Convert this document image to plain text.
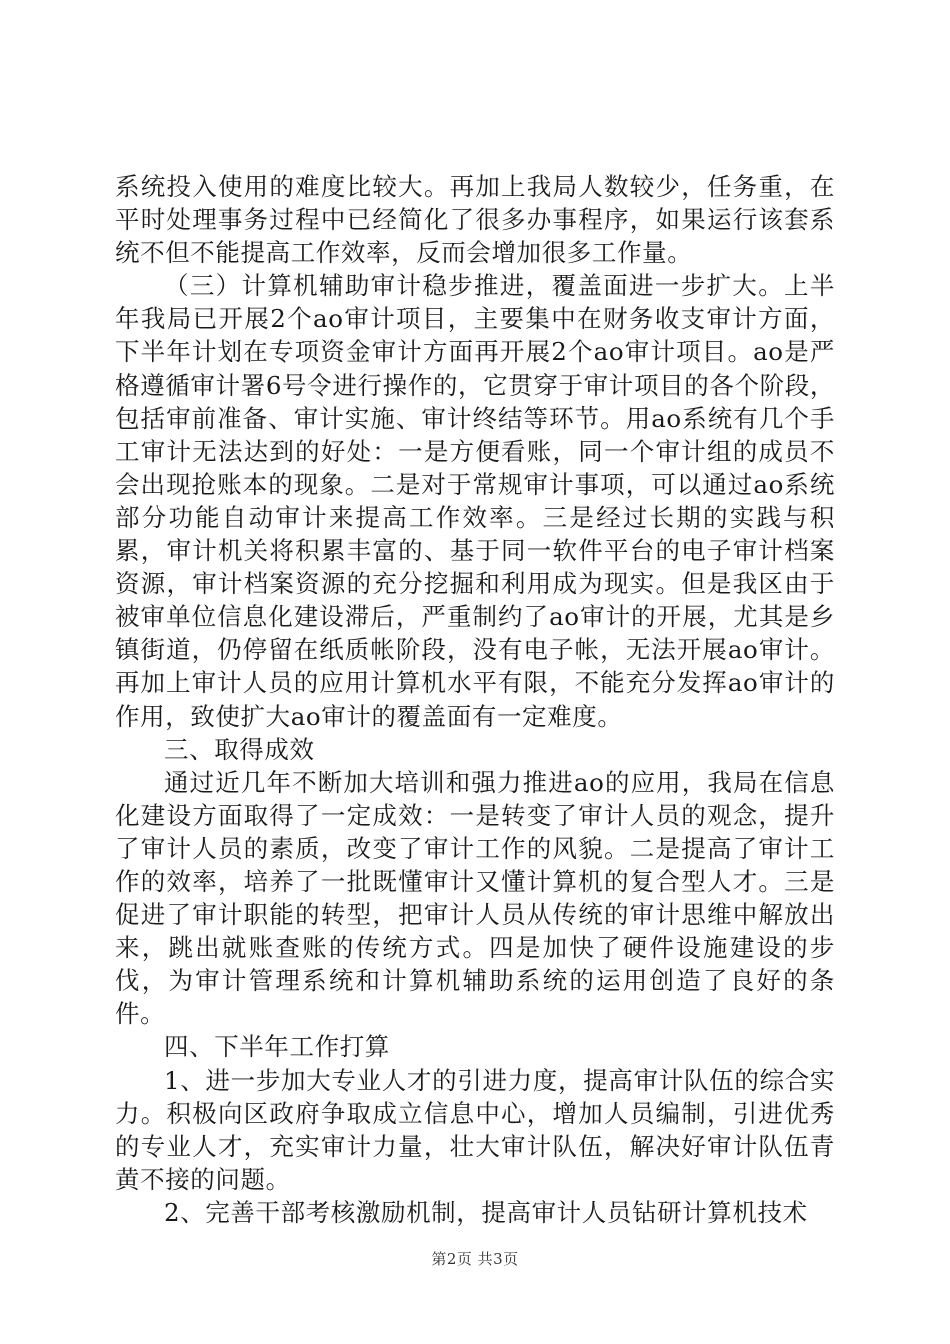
系统投入使用的难度比较大。再加上我局人数较少，任务重，在平时处理事务过程中已经简化了很多办事程序，如果运行该套系统不但不能提高工作效率，反而会增加很多工作量。

（三）计算机辅助审计稳步推进，覆盖面进一步扩大。上半年我局已开展2个ao审计项目，主要集中在财务收支审计方面，下半年计划在专项资金审计方面再开展2个ao审计项目。ao是严格遵循审计署6号令进行操作的，它贯穿于审计项目的各个阶段，包括审前准备、审计实施、审计终结等环节。用ao系统有几个手工审计无法达到的好处：一是方便看账，同一个审计组的成员不会出现抢账本的现象。二是对于常规审计事项，可以通过ao系统部分功能自动审计来提高工作效率。三是经过长期的实践与积累，审计机关将积累丰富的、基于同一软件平台的电子审计档案资源，审计档案资源的充分挖掘和利用成为现实。但是我区由于被审单位信息化建设滞后，严重制约了ao审计的开展，尤其是乡镇街道，仍停留在纸质帐阶段，没有电子帐，无法开展ao审计。再加上审计人员的应用计算机水平有限，不能充分发挥ao审计的作用，致使扩大ao审计的覆盖面有一定难度。

三、取得成效

通过近几年不断加大培训和强力推进ao的应用，我局在信息化建设方面取得了一定成效：一是转变了审计人员的观念，提升了审计人员的素质，改变了审计工作的风貌。二是提高了审计工作的效率，培养了一批既懂审计又懂计算机的复合型人才。三是促进了审计职能的转型，把审计人员从传统的审计思维中解放出来，跳出就账查账的传统方式。四是加快了硬件设施建设的步伐，为审计管理系统和计算机辅助系统的运用创造了良好的条件。

四、下半年工作打算

1、进一步加大专业人才的引进力度，提高审计队伍的综合实力。积极向区政府争取成立信息中心，增加人员编制，引进优秀的专业人才，充实审计力量，壮大审计队伍，解决好审计队伍青黄不接的问题。

2、完善干部考核激励机制，提高审计人员钻研计算机技术

第2页 共3页
